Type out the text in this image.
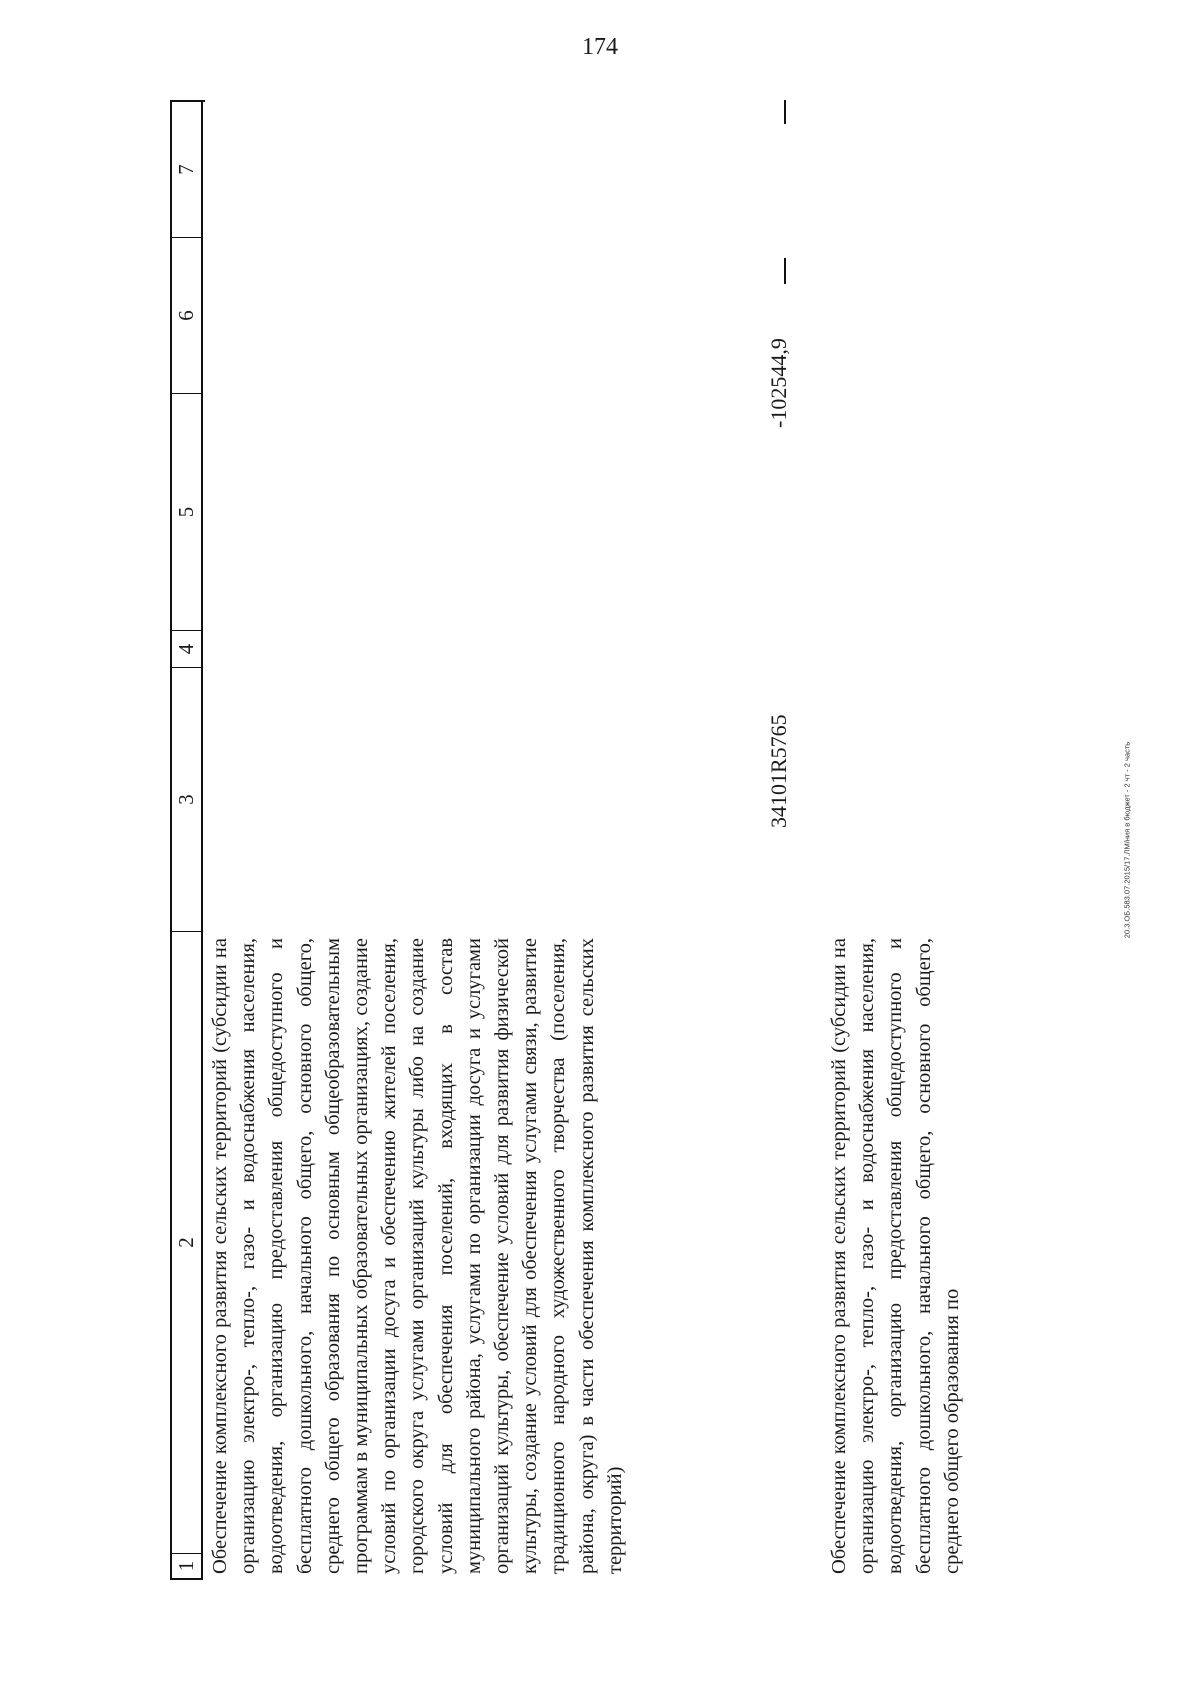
174
20.3.ОБ.583.07.2015/17.ЛМ/ния в бюджет - 2 чт - 2 часть
1
2
3
4
5
6
7
Обеспечение комплексного развития сельских территорий (субсидии на организацию электро-, тепло-, газо- и водоснабжения населения, водоотведения, организацию предоставления общедоступного и бесплатного дошкольного, начального общего, основного общего, среднего общего образования по основным общеобразовательным программам в муниципальных образовательных организациях, создание условий по организации досуга и обеспечению жителей поселения, городского округа услугами организаций культуры либо на создание условий для обеспечения поселений, входящих в состав муниципального района, услугами по организации досуга и услугами организаций культуры, обеспечение условий для развития физической культуры, создание условий для обеспечения услугами связи, развитие традиционного народного художественного творчества (поселения, района, округа) в части обеспечения комплексного развития сельских территорий)
34101R5765
-102544,9
Обеспечение комплексного развития сельских территорий (субсидии на организацию электро-, тепло-, газо- и водоснабжения населения, водоотведения, организацию предоставления общедоступного и бесплатного дошкольного, начального общего, основного общего, среднего общего образования по
